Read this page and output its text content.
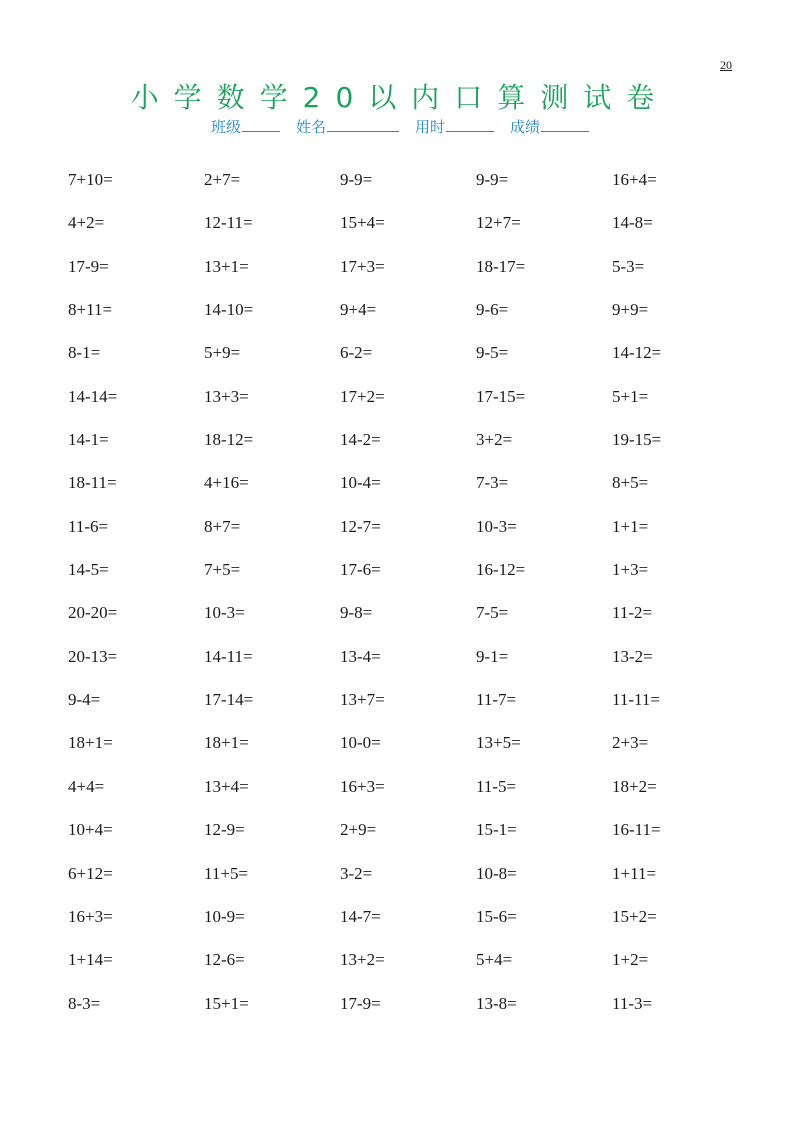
20
小学数学20以内口算测试卷
班级	姓名	用时	成绩
7+10=	2+7=	9-9=	9-9=	16+4=
4+2=	12-11=	15+4=	12+7=	14-8=
17-9=	13+1=	17+3=	18-17=	5-3=
8+11=	14-10=	9+4=	9-6=	9+9=
8-1=	5+9=	6-2=	9-5=	14-12=
14-14=	13+3=	17+2=	17-15=	5+1=
14-1=	18-12=	14-2=	3+2=	19-15=
18-11=	4+16=	10-4=	7-3=	8+5=
11-6=	8+7=	12-7=	10-3=	1+1=
14-5=	7+5=	17-6=	16-12=	1+3=
20-20=	10-3=	9-8=	7-5=	11-2=
20-13=	14-11=	13-4=	9-1=	13-2=
9-4=	17-14=	13+7=	11-7=	11-11=
18+1=	18+1=	10-0=	13+5=	2+3=
4+4=	13+4=	16+3=	11-5=	18+2=
10+4=	12-9=	2+9=	15-1=	16-11=
6+12=	11+5=	3-2=	10-8=	1+11=
16+3=	10-9=	14-7=	15-6=	15+2=
1+14=	12-6=	13+2=	5+4=	1+2=
8-3=	15+1=	17-9=	13-8=	11-3=
